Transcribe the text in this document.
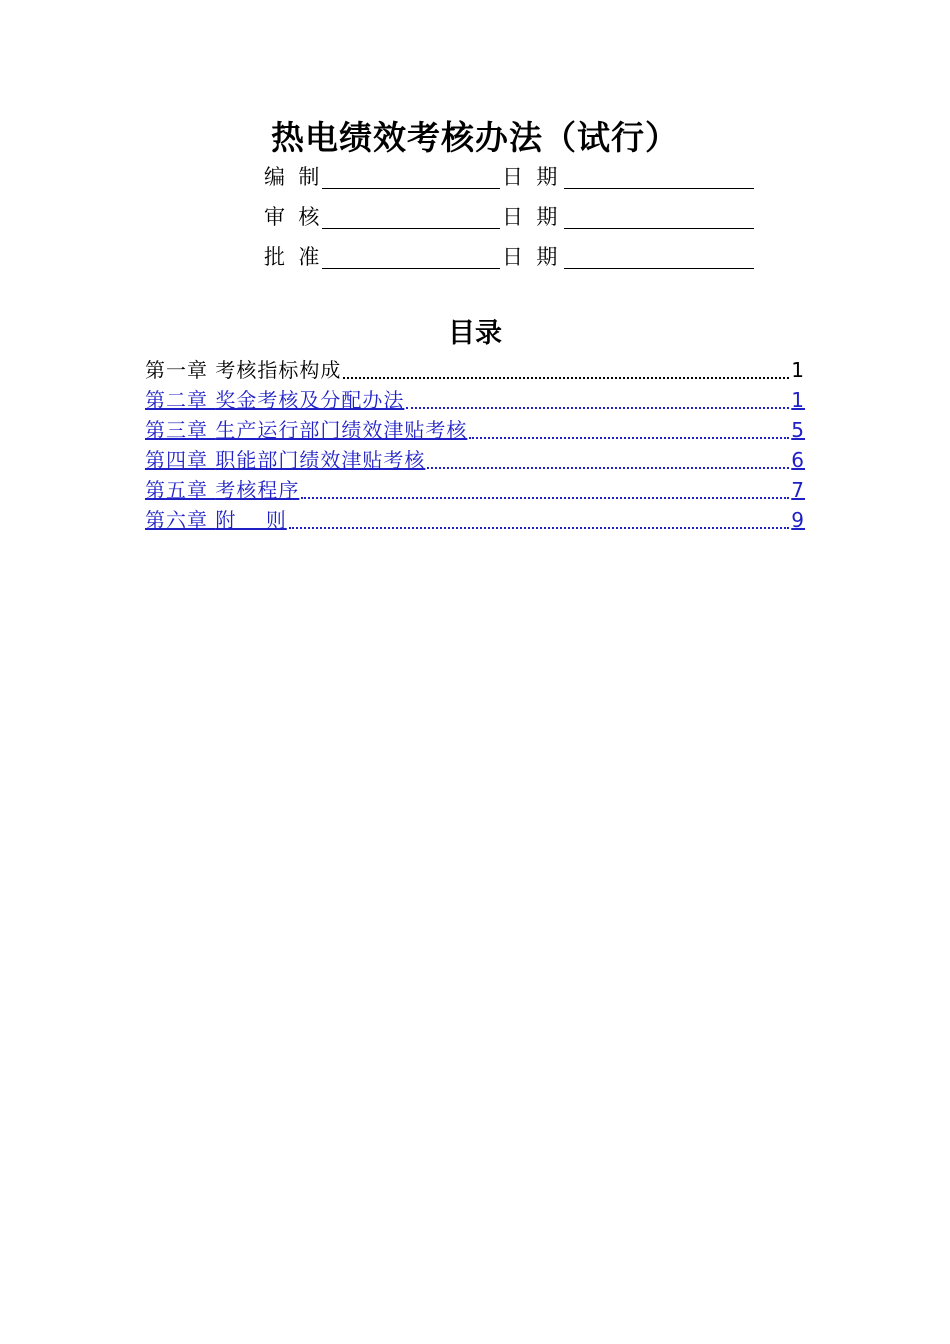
热电绩效考核办法（试行）
编  制	日  期
审  核	日  期
批  准	日  期
目录
第一章 考核指标构成	1
第二章 奖金考核及分配办法	1
第三章 生产运行部门绩效津贴考核	5
第四章 职能部门绩效津贴考核	6
第五章 考核程序	7
第六章 附    则	9
